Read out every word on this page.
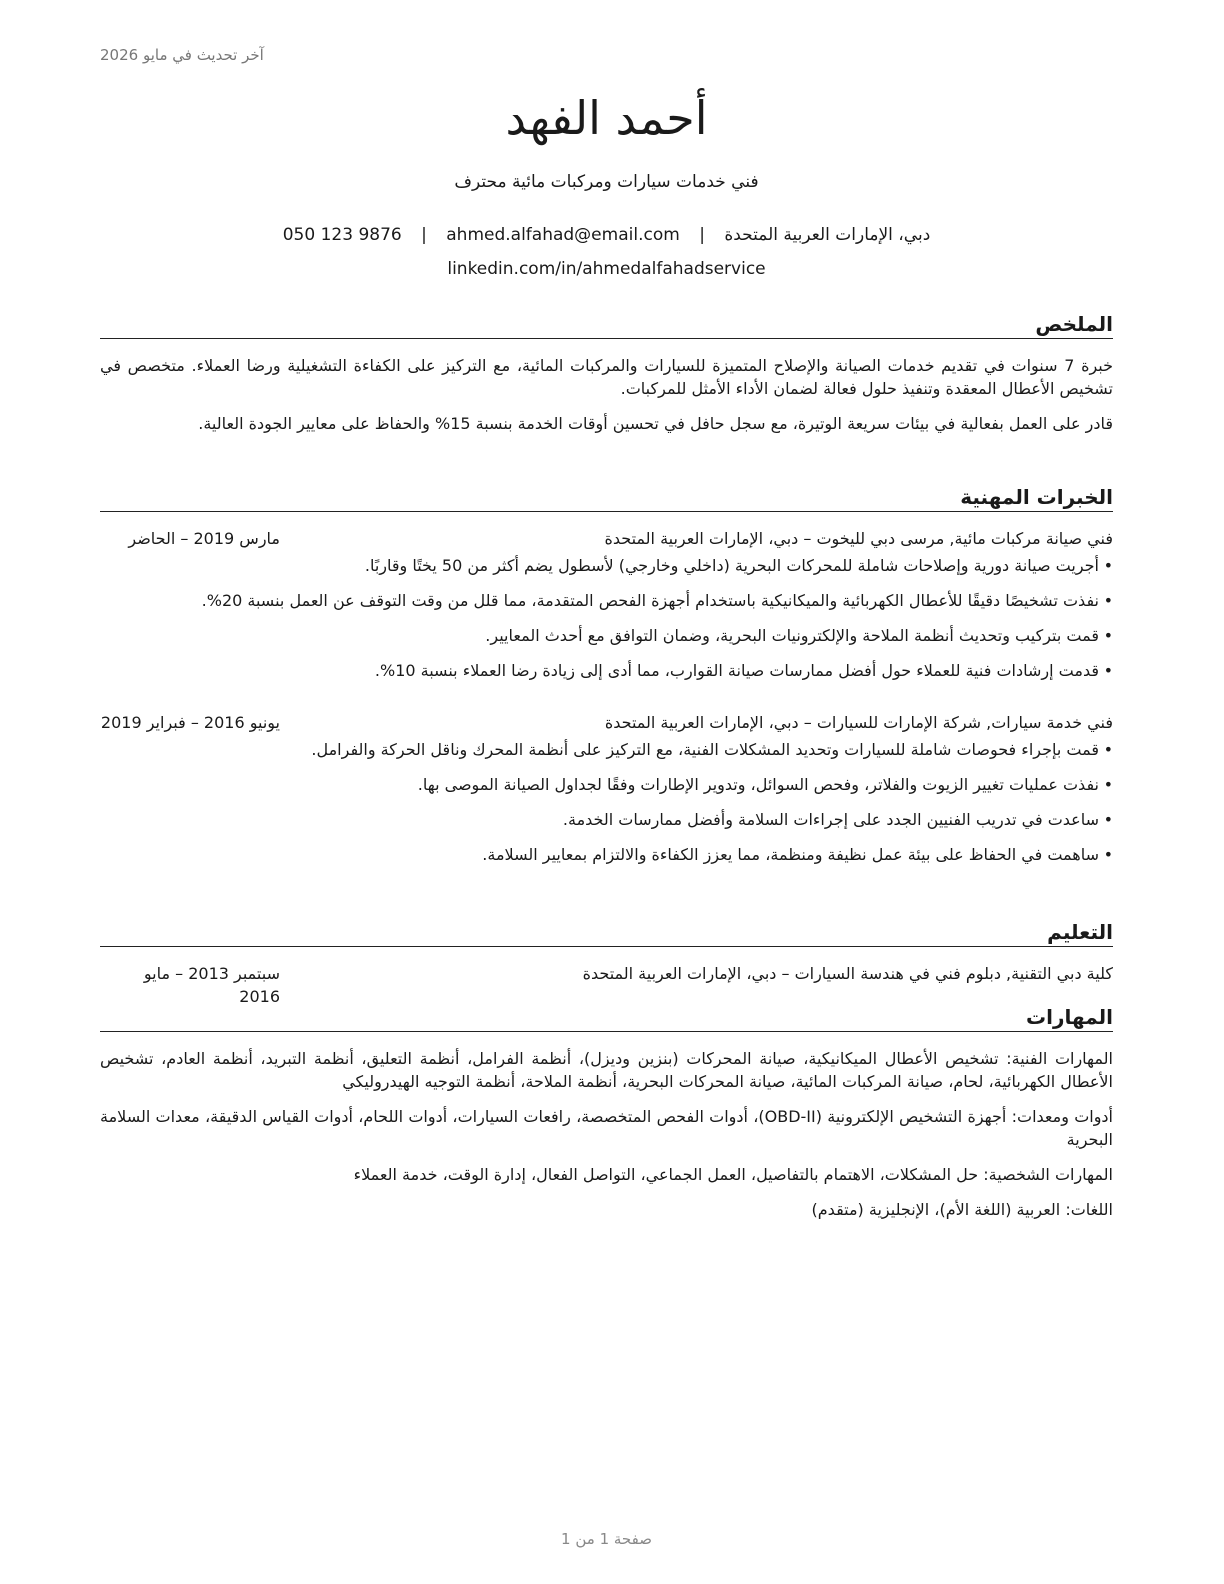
آخر تحديث في مايو 2026
أحمد الفهد
فني خدمات سيارات ومركبات مائية محترف
دبي، الإمارات العربية المتحدة | ahmed.alfahad@email.com | 050 123 9876
linkedin.com/in/ahmedalfahadservice
الملخص

خبرة 7 سنوات في تقديم خدمات الصيانة والإصلاح المتميزة للسيارات والمركبات المائية، مع التركيز على الكفاءة التشغيلية ورضا العملاء. متخصص في تشخيص الأعطال المعقدة وتنفيذ حلول فعالة لضمان الأداء الأمثل للمركبات.

قادر على العمل بفعالية في بيئات سريعة الوتيرة، مع سجل حافل في تحسين أوقات الخدمة بنسبة 15% والحفاظ على معايير الجودة العالية.

الخبرات المهنية
فني صيانة مركبات مائية, مرسى دبي لليخوت – دبي، الإمارات العربية المتحدة
مارس 2019 – الحاضر
• أجريت صيانة دورية وإصلاحات شاملة للمحركات البحرية (داخلي وخارجي) لأسطول يضم أكثر من 50 يختًا وقاربًا.
• نفذت تشخيصًا دقيقًا للأعطال الكهربائية والميكانيكية باستخدام أجهزة الفحص المتقدمة، مما قلل من وقت التوقف عن العمل بنسبة 20%.
• قمت بتركيب وتحديث أنظمة الملاحة والإلكترونيات البحرية، وضمان التوافق مع أحدث المعايير.
• قدمت إرشادات فنية للعملاء حول أفضل ممارسات صيانة القوارب، مما أدى إلى زيادة رضا العملاء بنسبة 10%.
فني خدمة سيارات, شركة الإمارات للسيارات – دبي، الإمارات العربية المتحدة
يونيو 2016 – فبراير 2019
• قمت بإجراء فحوصات شاملة للسيارات وتحديد المشكلات الفنية، مع التركيز على أنظمة المحرك وناقل الحركة والفرامل.
• نفذت عمليات تغيير الزيوت والفلاتر، وفحص السوائل، وتدوير الإطارات وفقًا لجداول الصيانة الموصى بها.
• ساعدت في تدريب الفنيين الجدد على إجراءات السلامة وأفضل ممارسات الخدمة.
• ساهمت في الحفاظ على بيئة عمل نظيفة ومنظمة، مما يعزز الكفاءة والالتزام بمعايير السلامة.
التعليم
كلية دبي التقنية, دبلوم فني في هندسة السيارات – دبي، الإمارات العربية المتحدة
سبتمبر 2013 – مايو 2016
المهارات

المهارات الفنية: تشخيص الأعطال الميكانيكية، صيانة المحركات (بنزين وديزل)، أنظمة الفرامل، أنظمة التعليق، أنظمة التبريد، أنظمة العادم، تشخيص الأعطال الكهربائية، لحام، صيانة المركبات المائية، صيانة المحركات البحرية، أنظمة الملاحة، أنظمة التوجيه الهيدروليكي

أدوات ومعدات: أجهزة التشخيص الإلكترونية (OBD-II)، أدوات الفحص المتخصصة، رافعات السيارات، أدوات اللحام، أدوات القياس الدقيقة، معدات السلامة البحرية

المهارات الشخصية: حل المشكلات، الاهتمام بالتفاصيل، العمل الجماعي، التواصل الفعال، إدارة الوقت، خدمة العملاء

اللغات: العربية (اللغة الأم)، الإنجليزية (متقدم)

صفحة 1 من 1
